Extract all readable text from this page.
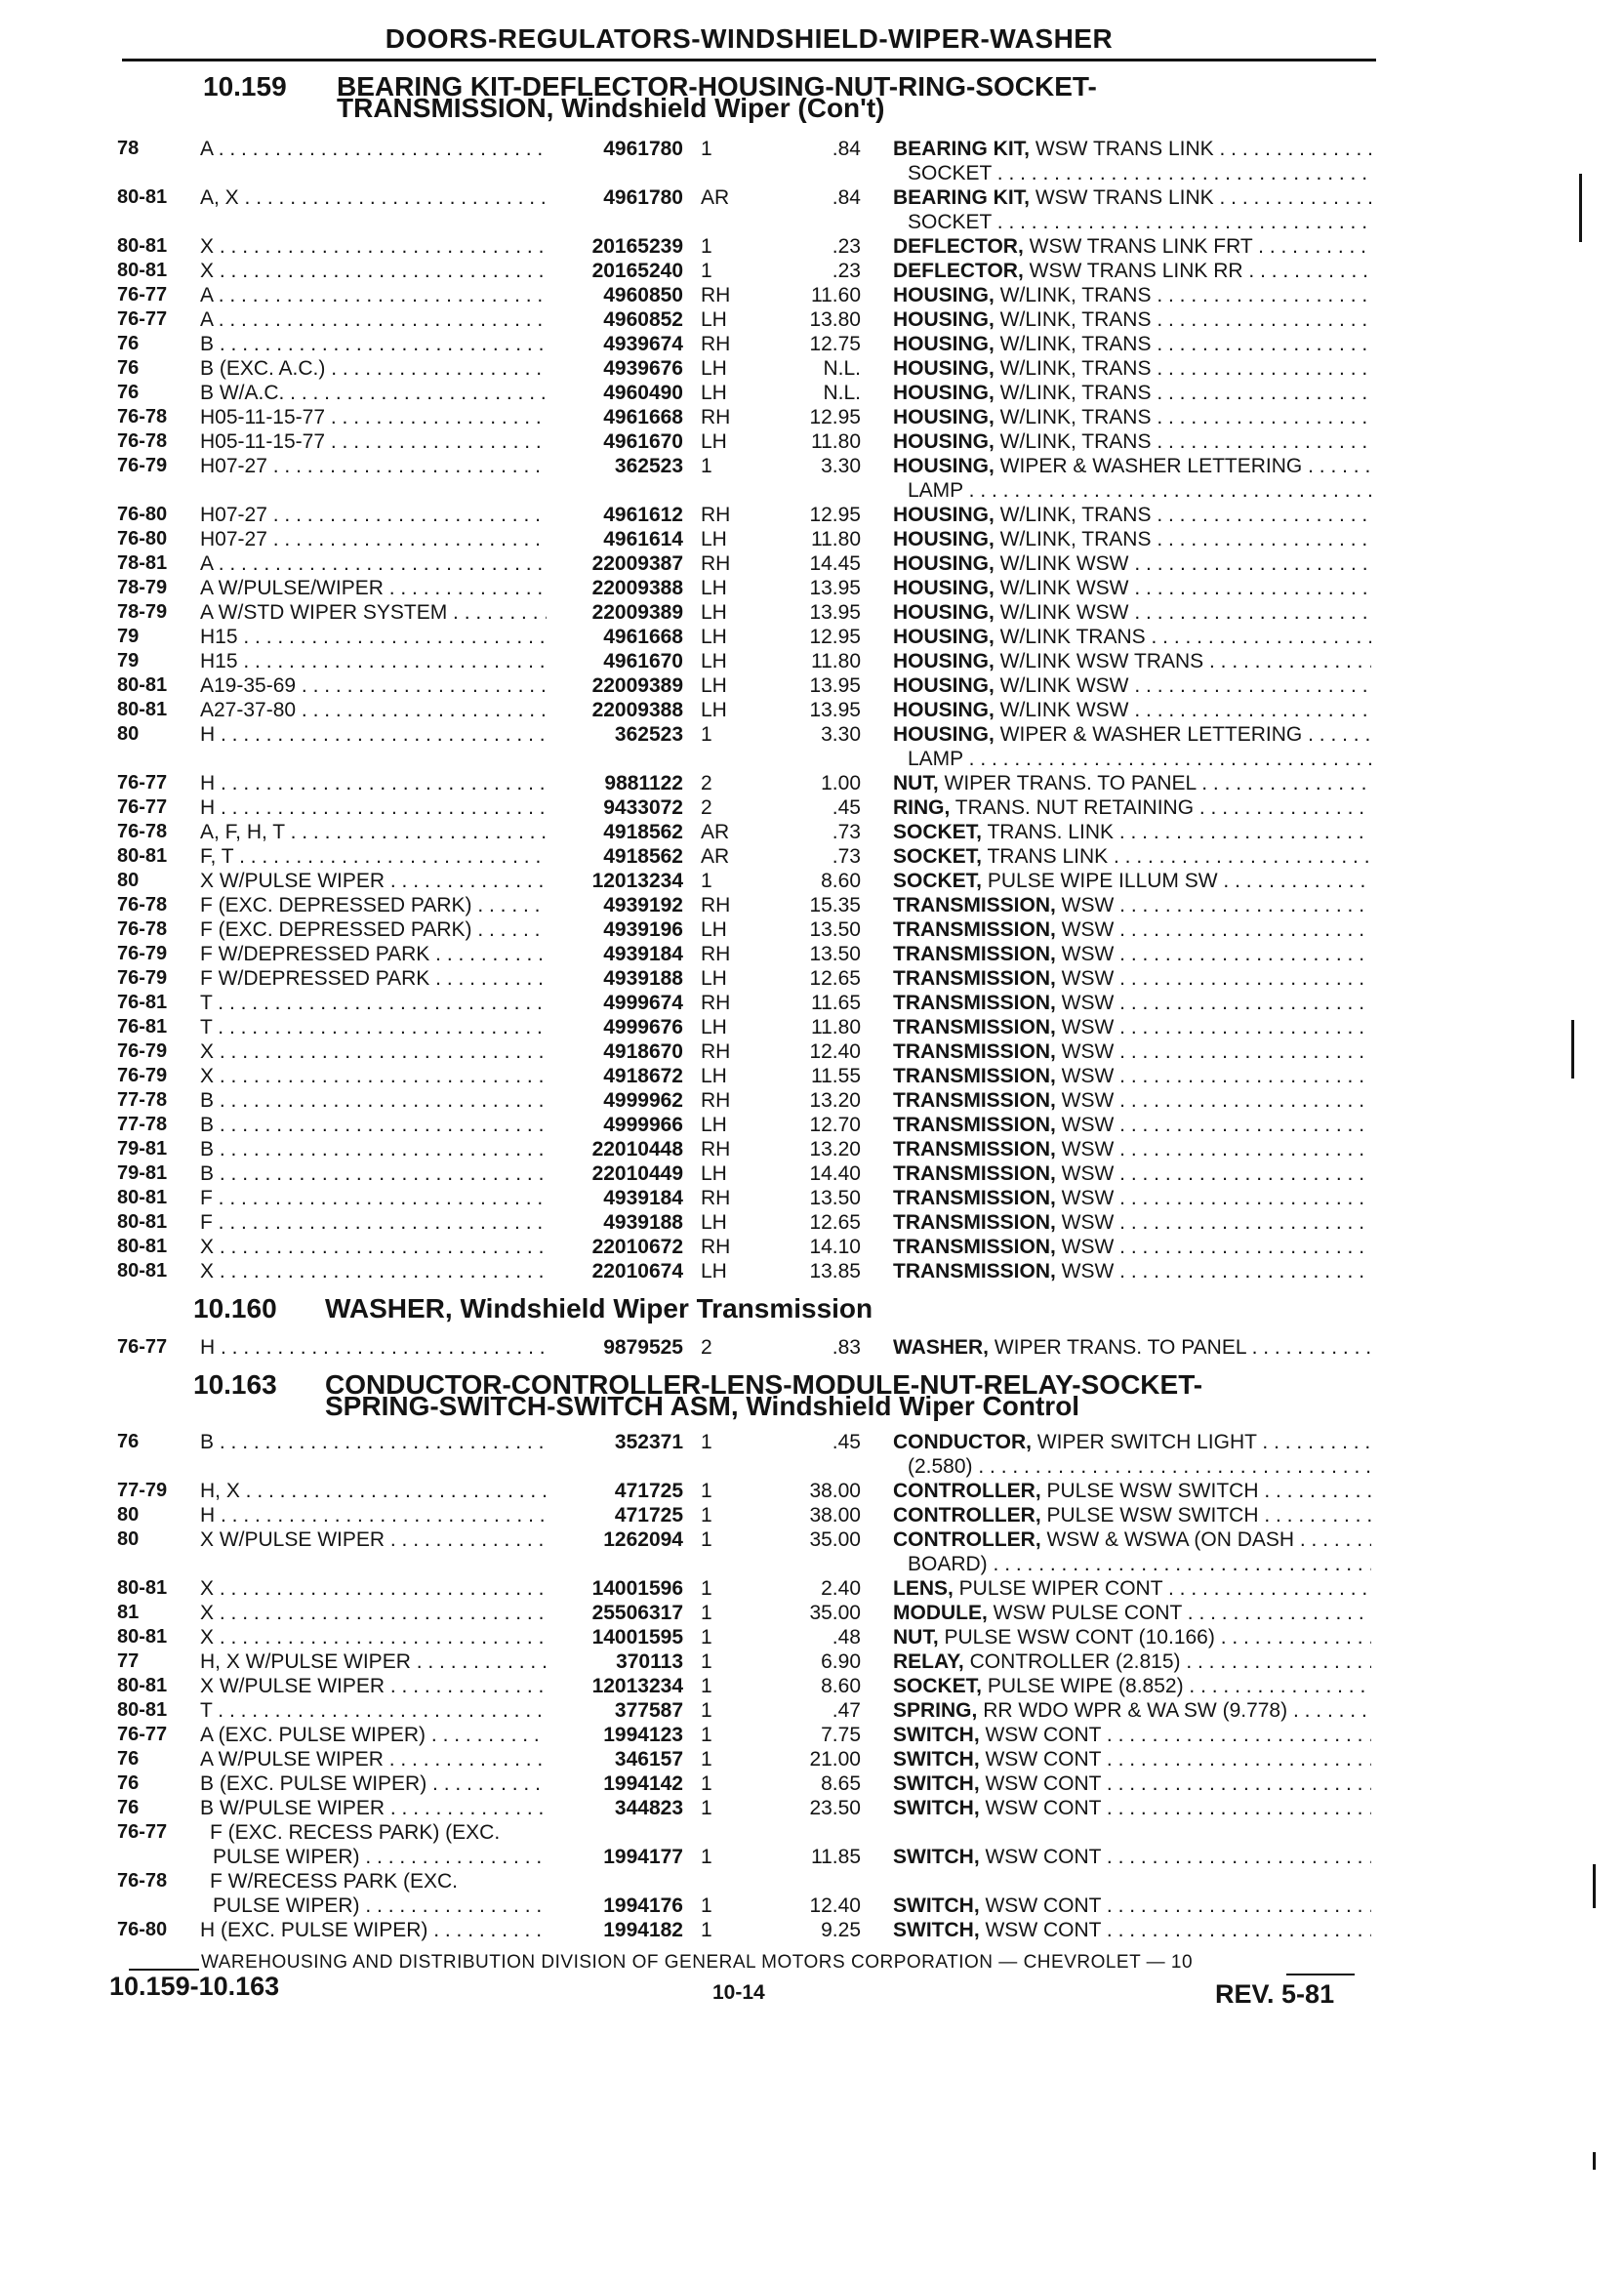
DOORS-REGULATORS-WINDSHIELD-WIPER-WASHER
10.159 BEARING KIT-DEFLECTOR-HOUSING-NUT-RING-SOCKET-
TRANSMISSION, Windshield Wiper (Con't)
10.160 WASHER, Windshield Wiper Transmission
10.163 CONDUCTOR-CONTROLLER-LENS-MODULE-NUT-RELAY-SOCKET-
SPRING-SWITCH-SWITCH ASM, Windshield Wiper Control
78	A . . .	4961780 1	.84 BEARING KIT, WSW TRANS LINK . . .
SOCKET . . .
80-81 A, X . . .	4961780 AR	.84 BEARING KIT, WSW TRANS LINK . . .
SOCKET . . .
80-81 X . . .	20165239 1	.23 DEFLECTOR, WSW TRANS LINK FRT . . .
80-81 X . . .	20165240 1	.23 DEFLECTOR, WSW TRANS LINK RR . . .
76-77 A . . .	4960850 RH	11.60 HOUSING, W/LINK, TRANS . . .
76-77 A . . .	4960852 LH	13.80 HOUSING, W/LINK, TRANS . . .
76	B . . .	4939674 RH	12.75 HOUSING, W/LINK, TRANS . . .
76	B (EXC. A.C.) . . .	4939676 LH	N.L. HOUSING, W/LINK, TRANS . . .
76	B W/A.C. . . .	4960490 LH	N.L. HOUSING, W/LINK, TRANS . . .
76-78 H05-11-15-77 . . .	4961668 RH	12.95 HOUSING, W/LINK, TRANS . . .
76-78 H05-11-15-77 . . .	4961670 LH	11.80 HOUSING, W/LINK, TRANS . . .
76-79 H07-27 . . .	362523 1	3.30 HOUSING, WIPER & WASHER LETTERING . . .
LAMP . . .
76-80 H07-27 . . .	4961612 RH	12.95 HOUSING, W/LINK, TRANS . . .
76-80 H07-27 . . .	4961614 LH	11.80 HOUSING, W/LINK, TRANS . . .
78-81 A . . .	22009387 RH	14.45 HOUSING, W/LINK WSW . . .
78-79 A W/PULSE/WIPER . . .	22009388 LH	13.95 HOUSING, W/LINK WSW . . .
78-79 A W/STD WIPER SYSTEM . . .	22009389 LH	13.95 HOUSING, W/LINK WSW . . .
79	H15 . . .	4961668 LH	12.95 HOUSING, W/LINK TRANS . . .
79	H15 . . .	4961670 LH	11.80 HOUSING, W/LINK WSW TRANS . . .
80-81 A19-35-69 . . .	22009389 LH	13.95 HOUSING, W/LINK WSW . . .
80-81 A27-37-80 . . .	22009388 LH	13.95 HOUSING, W/LINK WSW . . .
80	H . . .	362523 1	3.30 HOUSING, WIPER & WASHER LETTERING . . .
LAMP . . .
76-77 H . . .	9881122 2	1.00 NUT, WIPER TRANS. TO PANEL . . .
76-77 H . . .	9433072 2	.45 RING, TRANS. NUT RETAINING . . .
76-78 A, F, H, T . . .	4918562 AR	.73 SOCKET, TRANS. LINK . . .
80-81 F, T . . .	4918562 AR	.73 SOCKET, TRANS LINK . . .
80	X W/PULSE WIPER . . .	12013234 1	8.60 SOCKET, PULSE WIPE ILLUM SW . . .
76-78 F (EXC. DEPRESSED PARK) . . .	4939192 RH	15.35 TRANSMISSION, WSW . . .
76-78 F (EXC. DEPRESSED PARK) . . .	4939196 LH	13.50 TRANSMISSION, WSW . . .
76-79 F W/DEPRESSED PARK . . .	4939184 RH	13.50 TRANSMISSION, WSW . . .
76-79 F W/DEPRESSED PARK . . .	4939188 LH	12.65 TRANSMISSION, WSW . . .
76-81 T . . .	4999674 RH	11.65 TRANSMISSION, WSW . . .
76-81 T . . .	4999676 LH	11.80 TRANSMISSION, WSW . . .
76-79 X . . .	4918670 RH	12.40 TRANSMISSION, WSW . . .
76-79 X . . .	4918672 LH	11.55 TRANSMISSION, WSW . . .
77-78 B . . .	4999962 RH	13.20 TRANSMISSION, WSW . . .
77-78 B . . .	4999966 LH	12.70 TRANSMISSION, WSW . . .
79-81 B . . .	22010448 RH	13.20 TRANSMISSION, WSW . . .
79-81 B . . .	22010449 LH	14.40 TRANSMISSION, WSW . . .
80-81 F . . .	4939184 RH	13.50 TRANSMISSION, WSW . . .
80-81 F . . .	4939188 LH	12.65 TRANSMISSION, WSW . . .
80-81 X . . .	22010672 RH	14.10 TRANSMISSION, WSW . . .
80-81 X . . .	22010674 LH	13.85 TRANSMISSION, WSW . . .
76-77 H . . .	9879525 2	.83 WASHER, WIPER TRANS. TO PANEL . . .
76	B . . .	352371 1	.45 CONDUCTOR, WIPER SWITCH LIGHT . . .
(2.580) . . .
77-79 H, X . . .	471725 1	38.00 CONTROLLER, PULSE WSW SWITCH . . .
80	H . . .	471725 1	38.00 CONTROLLER, PULSE WSW SWITCH . . .
80	X W/PULSE WIPER . . .	1262094 1	35.00 CONTROLLER, WSW & WSWA (ON DASH . . .
BOARD) . . .
80-81 X . . .	14001596 1	2.40 LENS, PULSE WIPER CONT . . .
81	X . . .	25506317 1	35.00 MODULE, WSW PULSE CONT . . .
80-81 X . . .	14001595 1	.48 NUT, PULSE WSW CONT (10.166) . . .
77	H, X W/PULSE WIPER . . .	370113 1	6.90 RELAY, CONTROLLER (2.815) . . .
80-81 X W/PULSE WIPER . . .	12013234 1	8.60 SOCKET, PULSE WIPE (8.852) . . .
80-81 T . . .	377587 1	.47 SPRING, RR WDO WPR & WA SW (9.778) . . .
76-77 A (EXC. PULSE WIPER) . . .	1994123 1	7.75 SWITCH, WSW CONT . . .
76	A W/PULSE WIPER . . .	346157 1	21.00 SWITCH, WSW CONT . . .
76	B (EXC. PULSE WIPER) . . .	1994142 1	8.65 SWITCH, WSW CONT . . .
76	B W/PULSE WIPER . . .	344823 1	23.50 SWITCH, WSW CONT . . .
76-77 F (EXC. RECESS PARK) (EXC.
PULSE WIPER) . . .	1994177 1	11.85 SWITCH, WSW CONT . . .
76-78 F W/RECESS PARK (EXC.
PULSE WIPER) . . .	1994176 1	12.40 SWITCH, WSW CONT . . .
76-80 H (EXC. PULSE WIPER) . . .	1994182 1	9.25 SWITCH, WSW CONT . . .
WAREHOUSING AND DISTRIBUTION DIVISION OF GENERAL MOTORS CORPORATION — CHEVROLET — 10
10.159-10.163	10-14	REV. 5-81
